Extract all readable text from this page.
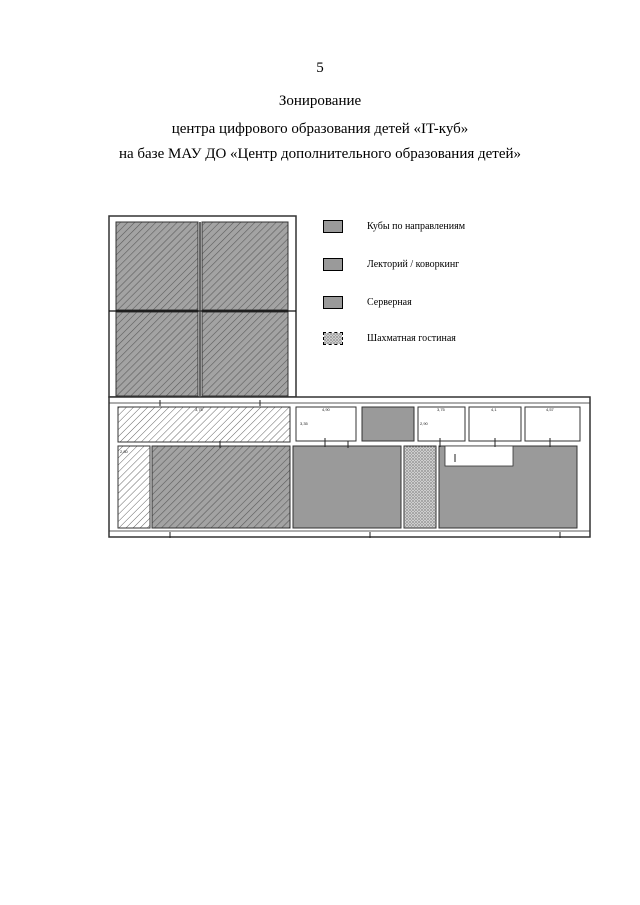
5
Зонирование
центра цифрового образования детей «IT-куб»
на базе МАУ ДО «Центр дополнительного образования детей»
Кубы по направлениям
Лекторий / коворкинг
Серверная
Шахматная гостиная
4,90	3,75	4,1	4,57
3,75
3,35	2,90
2,80
